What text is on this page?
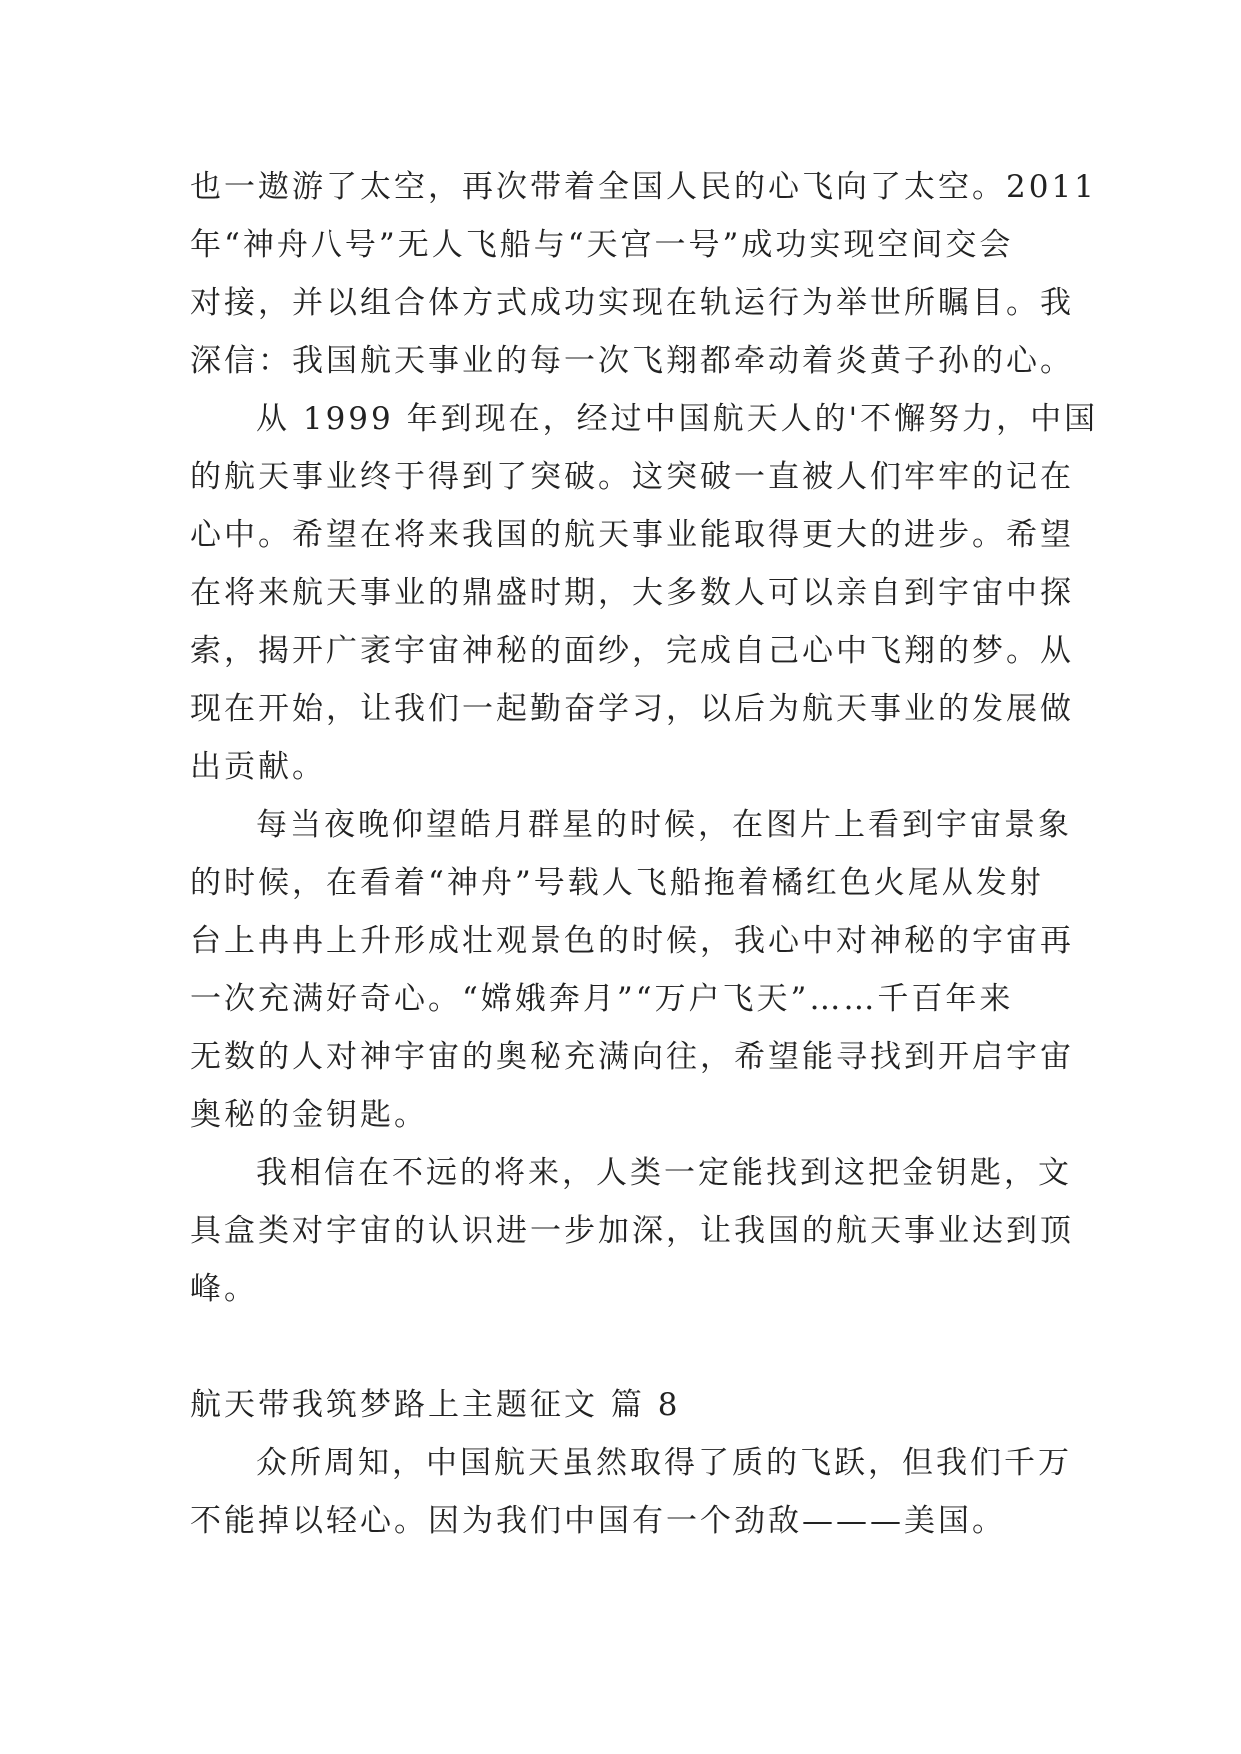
也一遨游了太空，再次带着全国人民的心飞向了太空。2011
年“神舟八号”无人飞船与“天宫一号”成功实现空间交会
对接，并以组合体方式成功实现在轨运行为举世所瞩目。我
深信：我国航天事业的每一次飞翔都牵动着炎黄子孙的心。
从 1999 年到现在，经过中国航天人的'不懈努力，中国
的航天事业终于得到了突破。这突破一直被人们牢牢的记在
心中。希望在将来我国的航天事业能取得更大的进步。希望
在将来航天事业的鼎盛时期，大多数人可以亲自到宇宙中探
索，揭开广袤宇宙神秘的面纱，完成自己心中飞翔的梦。从
现在开始，让我们一起勤奋学习，以后为航天事业的发展做
出贡献。
每当夜晚仰望皓月群星的时候，在图片上看到宇宙景象
的时候，在看着“神舟”号载人飞船拖着橘红色火尾从发射
台上冉冉上升形成壮观景色的时候，我心中对神秘的宇宙再
一次充满好奇心。“嫦娥奔月”“万户飞天”……千百年来
无数的人对神宇宙的奥秘充满向往，希望能寻找到开启宇宙
奥秘的金钥匙。
我相信在不远的将来，人类一定能找到这把金钥匙，文
具盒类对宇宙的认识进一步加深，让我国的航天事业达到顶
峰。
航天带我筑梦路上主题征文 篇 8
众所周知，中国航天虽然取得了质的飞跃，但我们千万
不能掉以轻心。因为我们中国有一个劲敌———美国。
